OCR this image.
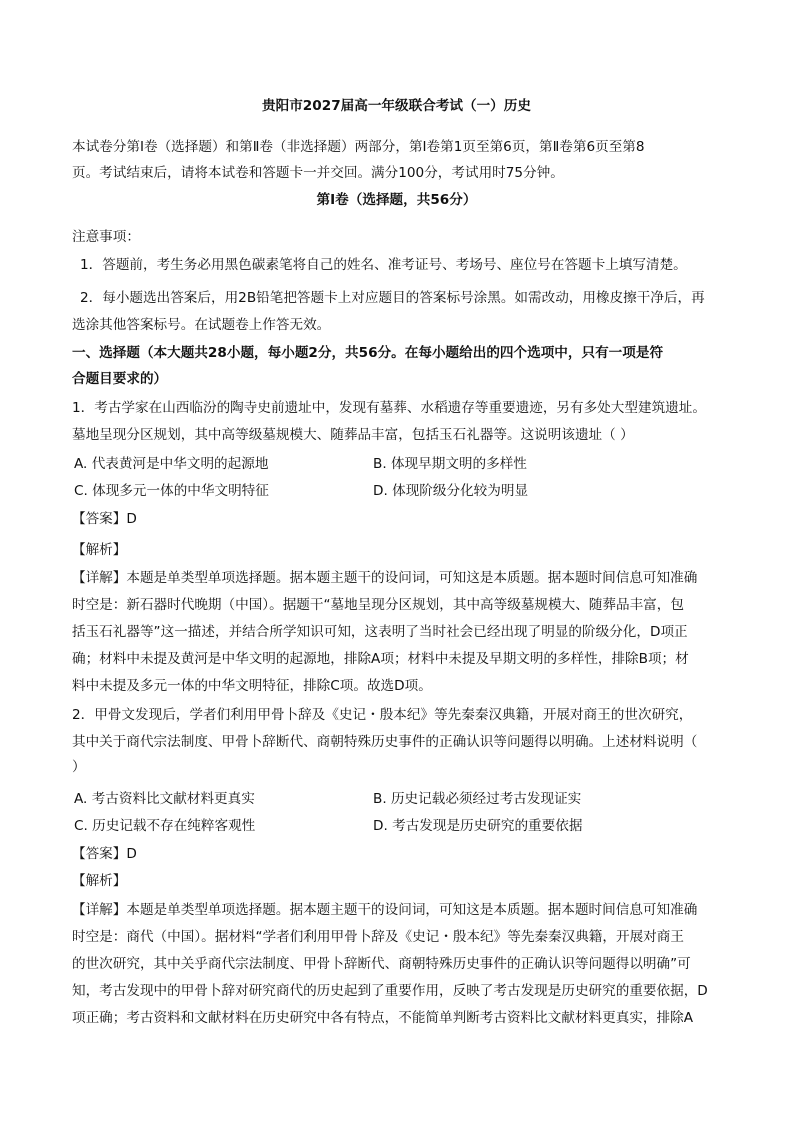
贵阳市2027届高一年级联合考试（一）历史
本试卷分第Ⅰ卷（选择题）和第Ⅱ卷（非选择题）两部分，第Ⅰ卷第1页至第6页，第Ⅱ卷第6页至第8
页。考试结束后，请将本试卷和答题卡一并交回。满分100分，考试用时75分钟。
第Ⅰ卷（选择题，共56分）
注意事项：
1．答题前，考生务必用黑色碳素笔将自己的姓名、准考证号、考场号、座位号在答题卡上填写清楚。
2．每小题选出答案后，用2B铅笔把答题卡上对应题目的答案标号涂黑。如需改动，用橡皮擦干净后，再
选涂其他答案标号。在试题卷上作答无效。
一、选择题（本大题共28小题，每小题2分，共56分。在每小题给出的四个选项中，只有一项是符
合题目要求的）
1．考古学家在山西临汾的陶寺史前遗址中，发现有墓葬、水稻遗存等重要遗迹，另有多处大型建筑遗址。
墓地呈现分区规划，其中高等级墓规模大、随葬品丰富，包括玉石礼器等。这说明该遗址（ ）
A. 代表黄河是中华文明的起源地	B. 体现早期文明的多样性
C. 体现多元一体的中华文明特征	D. 体现阶级分化较为明显
【答案】D
【解析】
【详解】本题是单类型单项选择题。据本题主题干的设问词，可知这是本质题。据本题时间信息可知准确
时空是：新石器时代晚期（中国）。据题干“墓地呈现分区规划，其中高等级墓规模大、随葬品丰富，包
括玉石礼器等”这一描述，并结合所学知识可知，这表明了当时社会已经出现了明显的阶级分化，D项正
确；材料中未提及黄河是中华文明的起源地，排除A项；材料中未提及早期文明的多样性，排除B项；材
料中未提及多元一体的中华文明特征，排除C项。故选D项。
2．甲骨文发现后，学者们利用甲骨卜辞及《史记・殷本纪》等先秦秦汉典籍，开展对商王的世次研究，
其中关于商代宗法制度、甲骨卜辞断代、商朝特殊历史事件的正确认识等问题得以明确。上述材料说明（
）
A. 考古资料比文献材料更真实	B. 历史记载必须经过考古发现证实
C. 历史记载不存在纯粹客观性	D. 考古发现是历史研究的重要依据
【答案】D
【解析】
【详解】本题是单类型单项选择题。据本题主题干的设问词，可知这是本质题。据本题时间信息可知准确
时空是：商代（中国）。据材料“学者们利用甲骨卜辞及《史记・殷本纪》等先秦秦汉典籍，开展对商王
的世次研究，其中关乎商代宗法制度、甲骨卜辞断代、商朝特殊历史事件的正确认识等问题得以明确”可
知，考古发现中的甲骨卜辞对研究商代的历史起到了重要作用，反映了考古发现是历史研究的重要依据，D
项正确；考古资料和文献材料在历史研究中各有特点，不能简单判断考古资料比文献材料更真实，排除A
